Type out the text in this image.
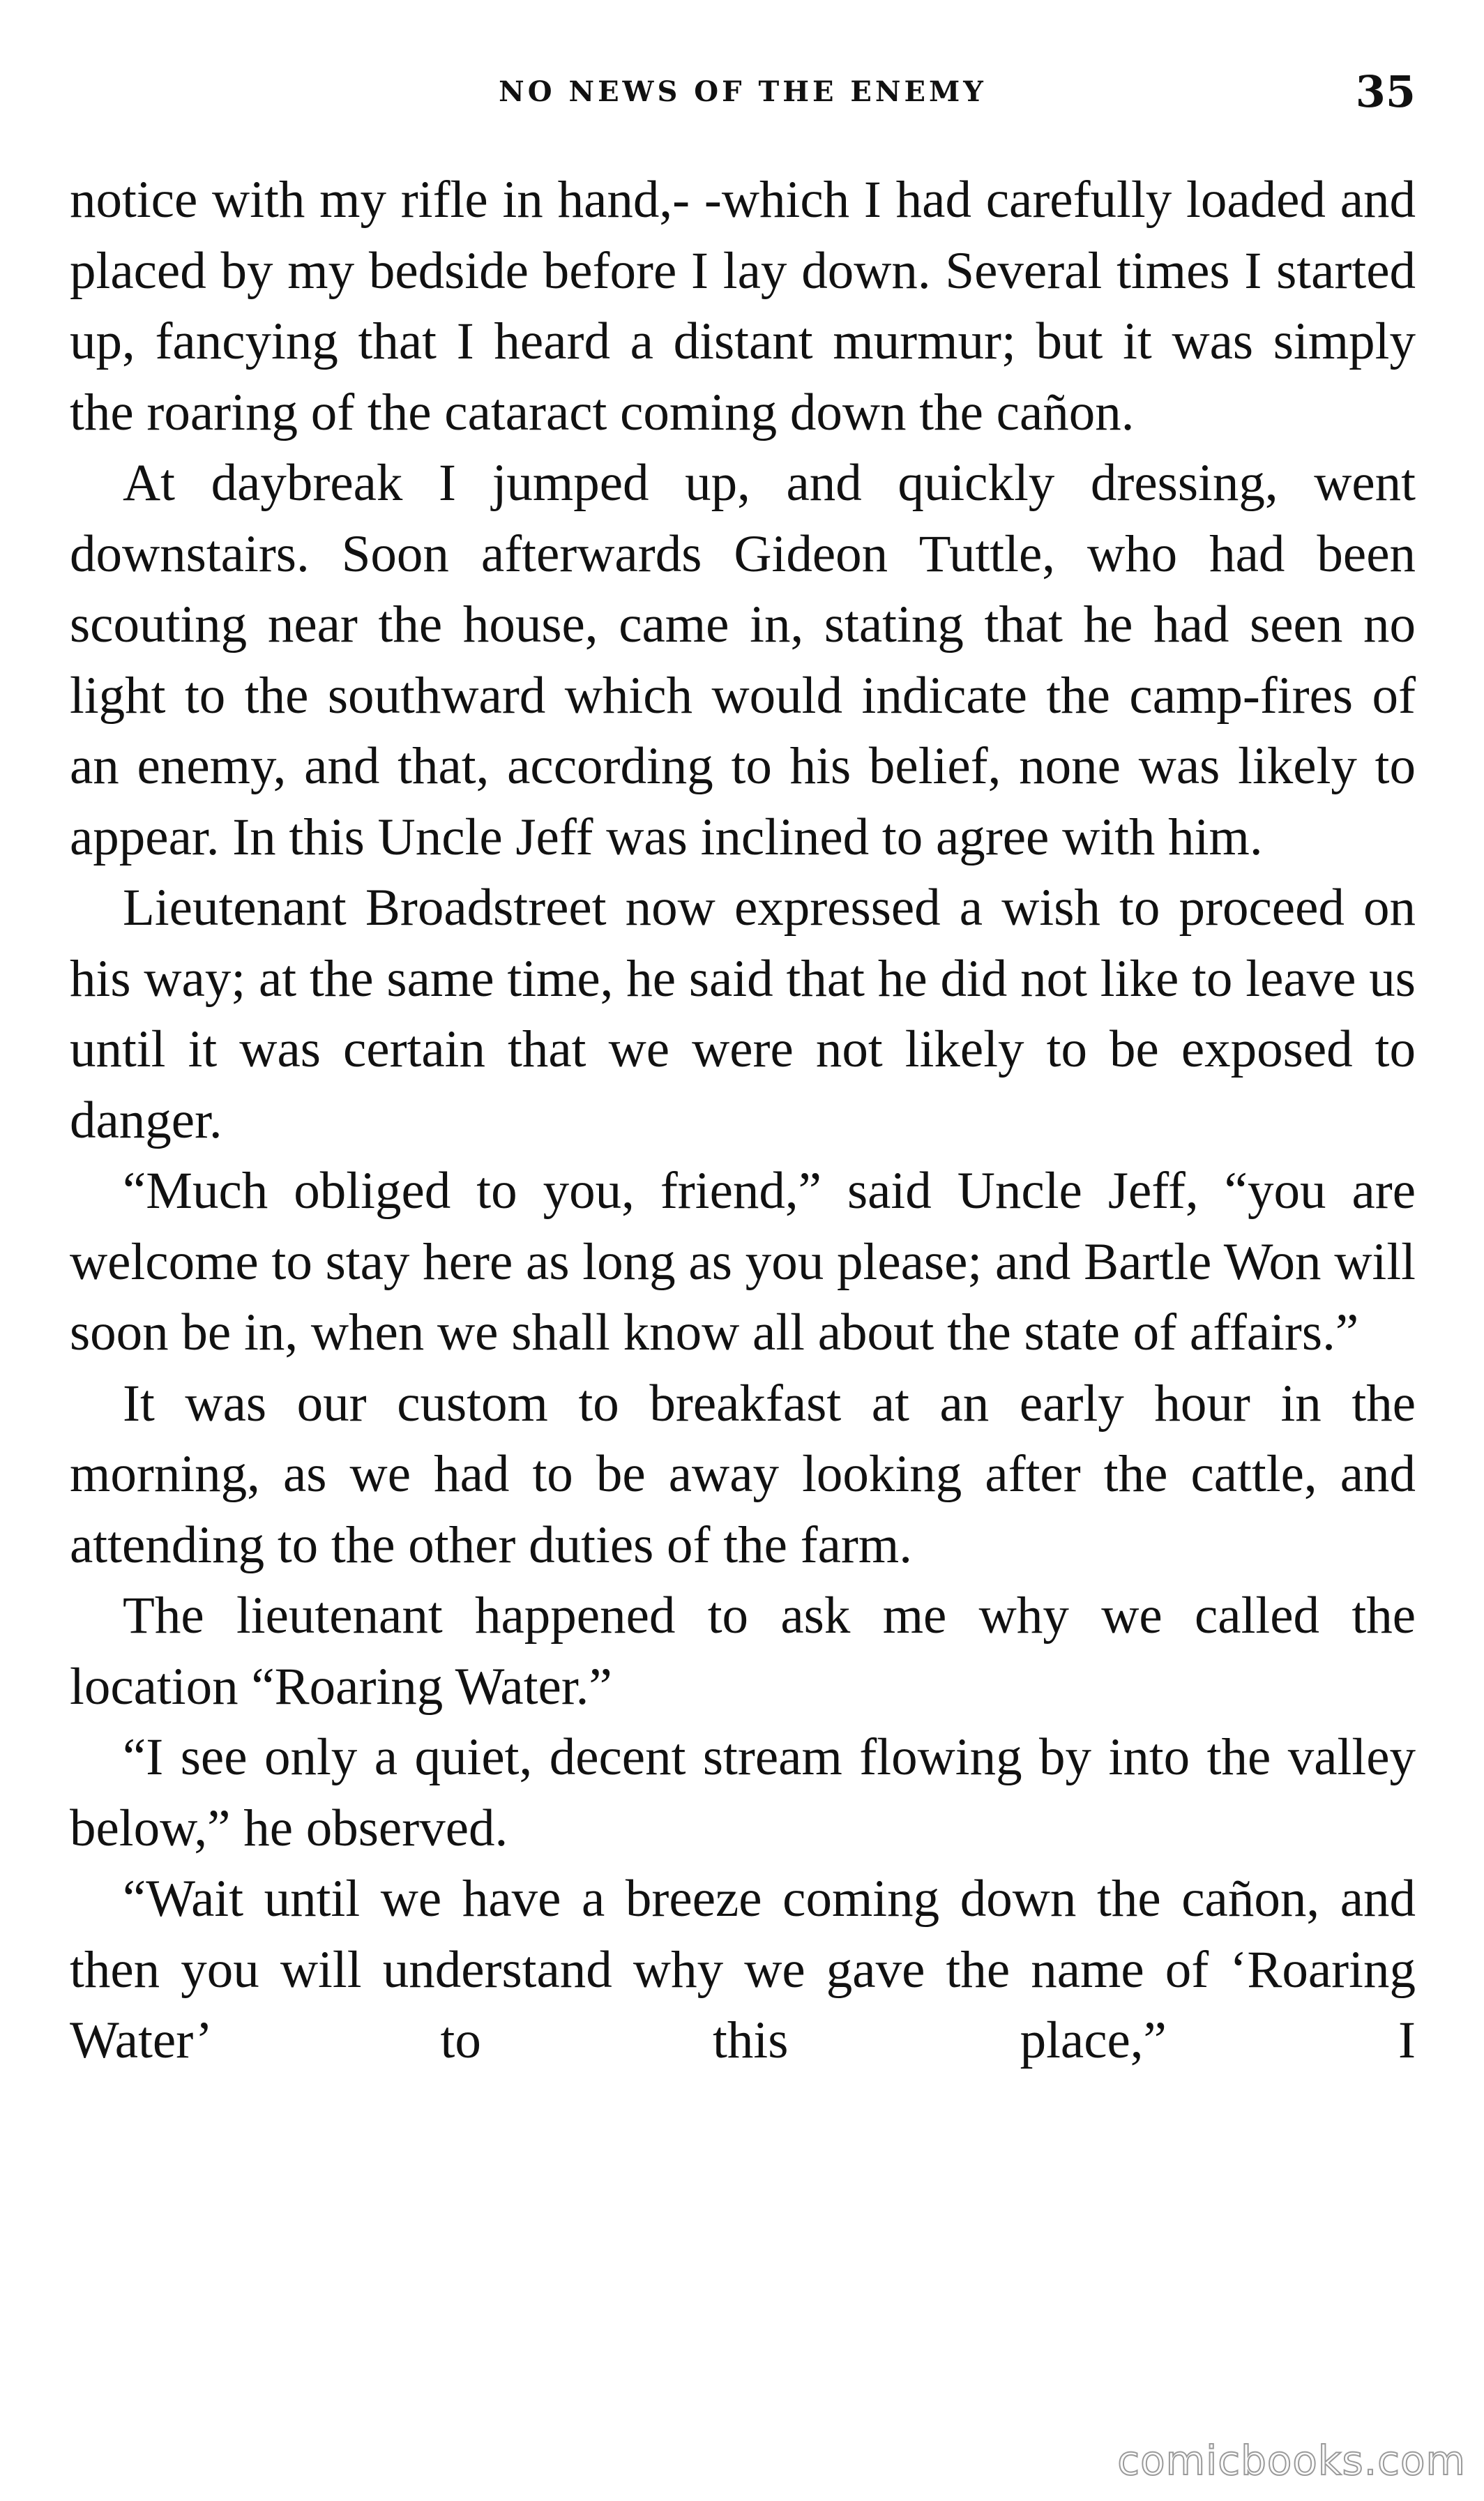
NO NEWS OF THE ENEMY	35

notice with my rifle in hand,- -which I had carefully loaded and placed by my bedside before I lay down. Several times I started up, fancying that I heard a distant murmur; but it was simply the roaring of the cataract coming down the cañon.

At daybreak I jumped up, and quickly dressing, went downstairs. Soon afterwards Gideon Tuttle, who had been scouting near the house, came in, stating that he had seen no light to the southward which would indicate the camp-fires of an enemy, and that, according to his belief, none was likely to appear. In this Uncle Jeff was inclined to agree with him.

Lieutenant Broadstreet now expressed a wish to proceed on his way; at the same time, he said that he did not like to leave us until it was certain that we were not likely to be exposed to danger.

“Much obliged to you, friend,” said Uncle Jeff, “you are welcome to stay here as long as you please; and Bartle Won will soon be in, when we shall know all about the state of affairs.”

It was our custom to breakfast at an early hour in the morning, as we had to be away looking after the cattle, and attending to the other duties of the farm.

The lieutenant happened to ask me why we called the location “Roaring Water.”

“I see only a quiet, decent stream flowing by into the valley below,” he observed.

“Wait until we have a breeze coming down the cañon, and then you will understand why we gave the name of ‘Roaring Water’ to this place,” I

comicbooks.com
